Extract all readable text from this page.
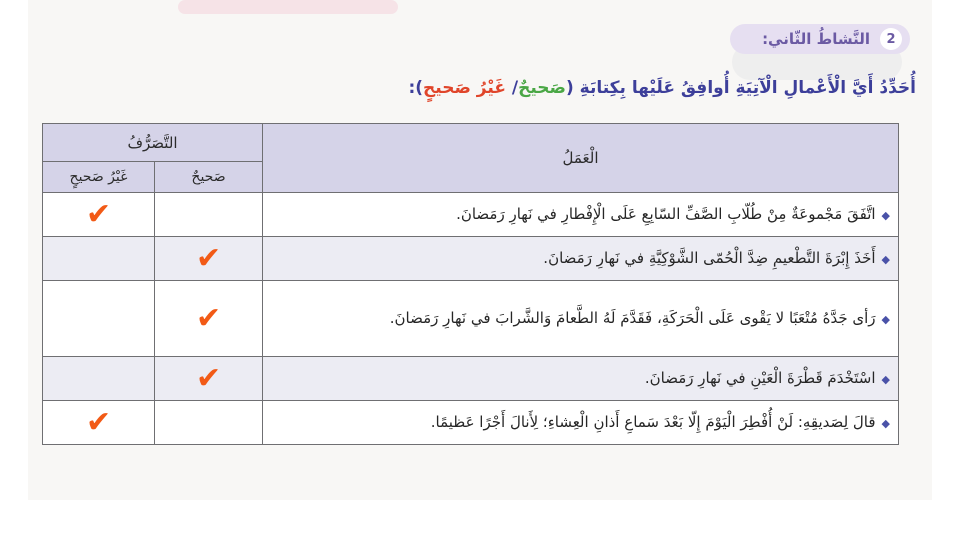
2
النَّشاطُ الثّاني:
أُحَدِّدُ أَيَّ الْأَعْمالِ الْآتِيَةِ أُوافِقُ عَلَيْها بِكِتابَةِ (صَحيحٌ/ غَيْرُ صَحيحٍ):
الْعَمَلُ	التَّصَرُّفُ	
	صَحيحٌ	غَيْرُ صَحيحٍ
◆اتَّفَقَ مَجْموعَةٌ مِنْ طُلّابِ الصَّفِّ السّابِعِ عَلَى الْإِفْطارِ في نَهارِ رَمَضانَ.		✔
◆أَخَذَ إِبْرَةَ التَّطْعيمِ ضِدَّ الْحُمّى الشَّوْكِيَّةِ في نَهارِ رَمَضانَ.	✔	
◆رَأى جَدَّهُ مُتْعَبًا لا يَقْوى عَلَى الْحَرَكَةِ، فَقَدَّمَ لَهُ الطَّعامَ وَالشَّرابَ في نَهارِ رَمَضانَ.	✔	
◆اسْتَخْدَمَ قَطْرَةَ الْعَيْنِ في نَهارِ رَمَضانَ.	✔	
◆قالَ لِصَديقِهِ: لَنْ أُفْطِرَ الْيَوْمَ إِلّا بَعْدَ سَماعِ أَذانِ الْعِشاءِ؛ لِأَنالَ أَجْرًا عَظيمًا.		✔
